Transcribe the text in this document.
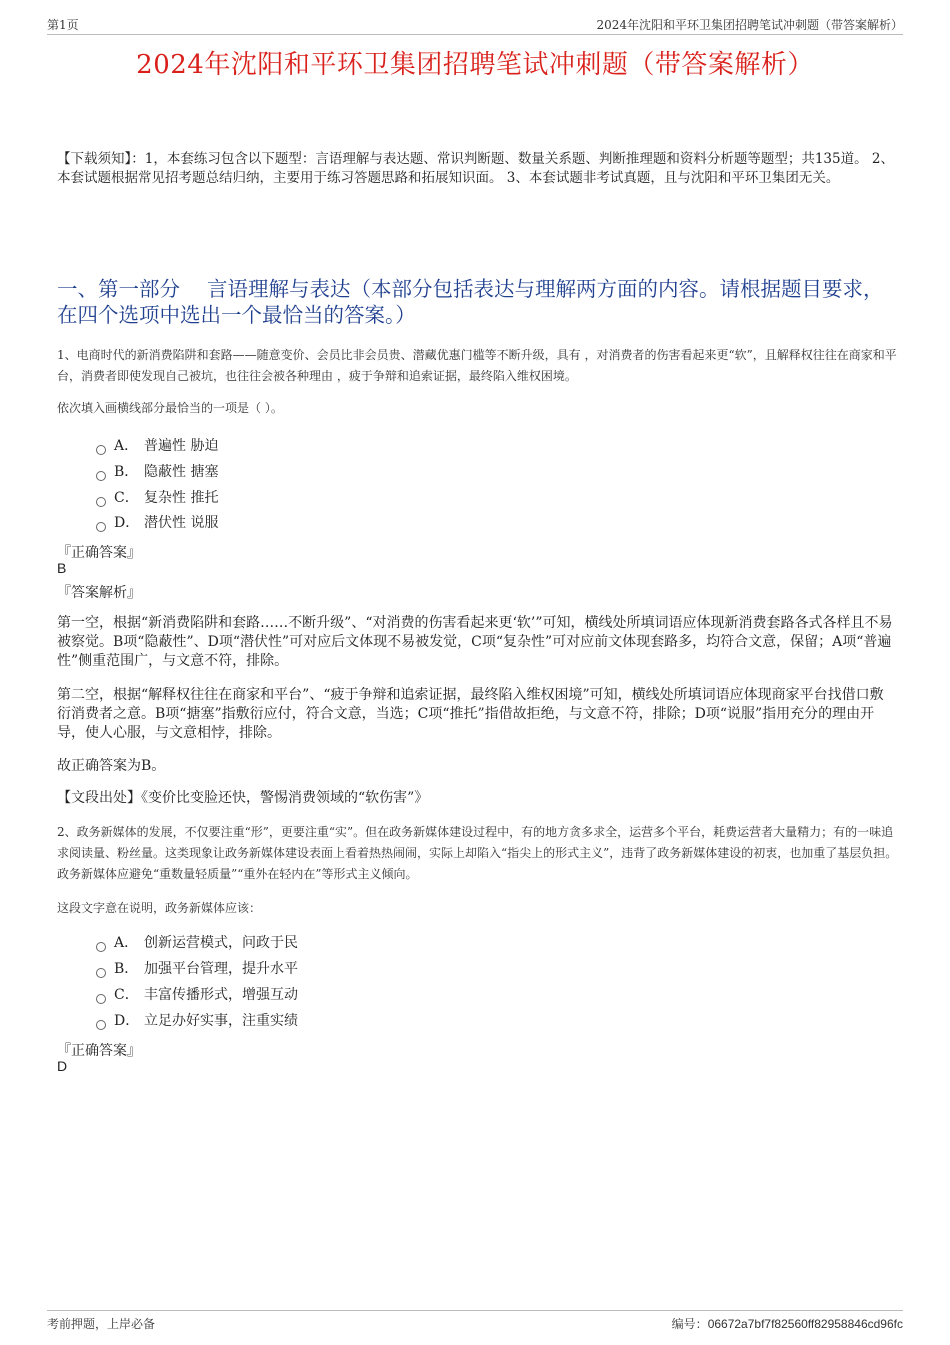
第1页	2024年沈阳和平环卫集团招聘笔试冲刺题（带答案解析）
2024年沈阳和平环卫集团招聘笔试冲刺题（带答案解析）
【下载须知】：1，本套练习包含以下题型：言语理解与表达题、常识判断题、数量关系题、判断推理题和资料分析题等题型；共135道。 2、本套试题根据常见招考题总结归纳，主要用于练习答题思路和拓展知识面。 3、本套试题非考试真题，且与沈阳和平环卫集团无关。
一、第一部分　 言语理解与表达（本部分包括表达与理解两方面的内容。请根据题目要求，在四个选项中选出一个最恰当的答案。）
1、电商时代的新消费陷阱和套路——随意变价、会员比非会员贵、潜藏优惠门槛等不断升级，具有 ，对消费者的伤害看起来更“软”，且解释权往往在商家和平台，消费者即使发现自己被坑，也往往会被各种理由 ，疲于争辩和追索证据，最终陷入维权困境。
依次填入画横线部分最恰当的一项是（ ）。
A． 普遍性 胁迫
B． 隐蔽性 搪塞
C． 复杂性 推托
D． 潜伏性 说服
『正确答案』
B
『答案解析』
第一空，根据“新消费陷阱和套路……不断升级”、“对消费的伤害看起来更‘软’”可知，横线处所填词语应体现新消费套路各式各样且不易被察觉。B项“隐蔽性”、D项“潜伏性”可对应后文体现不易被发觉，C项“复杂性”可对应前文体现套路多，均符合文意，保留；A项“普遍性”侧重范围广，与文意不符，排除。
第二空，根据“解释权往往在商家和平台”、“疲于争辩和追索证据，最终陷入维权困境”可知，横线处所填词语应体现商家平台找借口敷衍消费者之意。B项“搪塞”指敷衍应付，符合文意，当选；C项“推托”指借故拒绝，与文意不符，排除；D项“说服”指用充分的理由开导，使人心服，与文意相悖，排除。
故正确答案为B。
【文段出处】《变价比变脸还快，警惕消费领域的“软伤害”》
2、政务新媒体的发展，不仅要注重“形”，更要注重“实”。但在政务新媒体建设过程中，有的地方贪多求全，运营多个平台，耗费运营者大量精力；有的一味追求阅读量、粉丝量。这类现象让政务新媒体建设表面上看着热热闹闹，实际上却陷入“指尖上的形式主义”，违背了政务新媒体建设的初衷，也加重了基层负担。政务新媒体应避免“重数量轻质量”“重外在轻内在”等形式主义倾向。
这段文字意在说明，政务新媒体应该：
A． 创新运营模式，问政于民
B． 加强平台管理，提升水平
C． 丰富传播形式，增强互动
D． 立足办好实事，注重实绩
『正确答案』
D
考前押题，上岸必备	编号：06672a7bf7f82560ff82958846cd96fc
